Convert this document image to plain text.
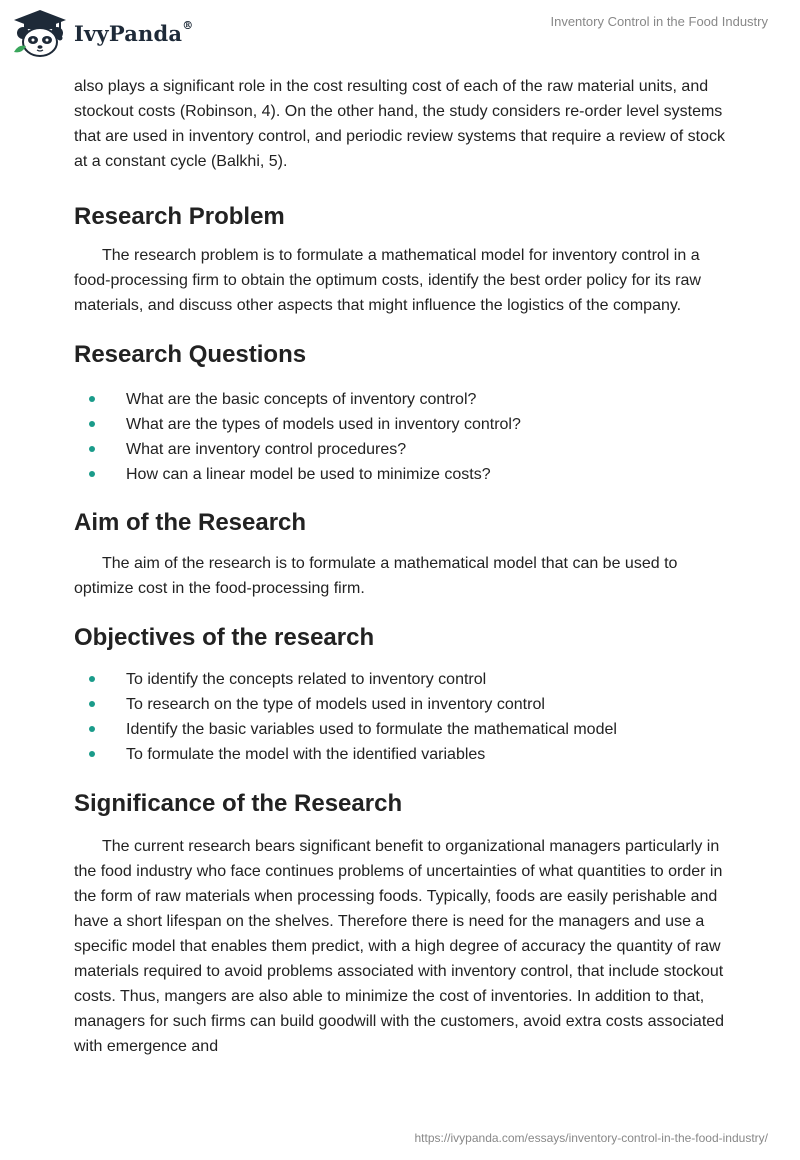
IvyPanda®	Inventory Control in the Food Industry

also plays a significant role in the cost resulting cost of each of the raw material units, and stockout costs (Robinson, 4). On the other hand, the study considers re-order level systems that are used in inventory control, and periodic review systems that require a review of stock at a constant cycle (Balkhi, 5).

Research Problem

The research problem is to formulate a mathematical model for inventory control in a food-processing firm to obtain the optimum costs, identify the best order policy for its raw materials, and discuss other aspects that might influence the logistics of the company.

Research Questions
What are the basic concepts of inventory control?
What are the types of models used in inventory control?
What are inventory control procedures?
How can a linear model be used to minimize costs?
Aim of the Research

The aim of the research is to formulate a mathematical model that can be used to optimize cost in the food-processing firm.

Objectives of the research
To identify the concepts related to inventory control
To research on the type of models used in inventory control
Identify the basic variables used to formulate the mathematical model
To formulate the model with the identified variables
Significance of the Research

The current research bears significant benefit to organizational managers particularly in the food industry who face continues problems of uncertainties of what quantities to order in the form of raw materials when processing foods. Typically, foods are easily perishable and have a short lifespan on the shelves. Therefore there is need for the managers and use a specific model that enables them predict, with a high degree of accuracy the quantity of raw materials required to avoid problems associated with inventory control, that include stockout costs. Thus, mangers are also able to minimize the cost of inventories. In addition to that, managers for such firms can build goodwill with the customers, avoid extra costs associated with emergence and

https://ivypanda.com/essays/inventory-control-in-the-food-industry/
